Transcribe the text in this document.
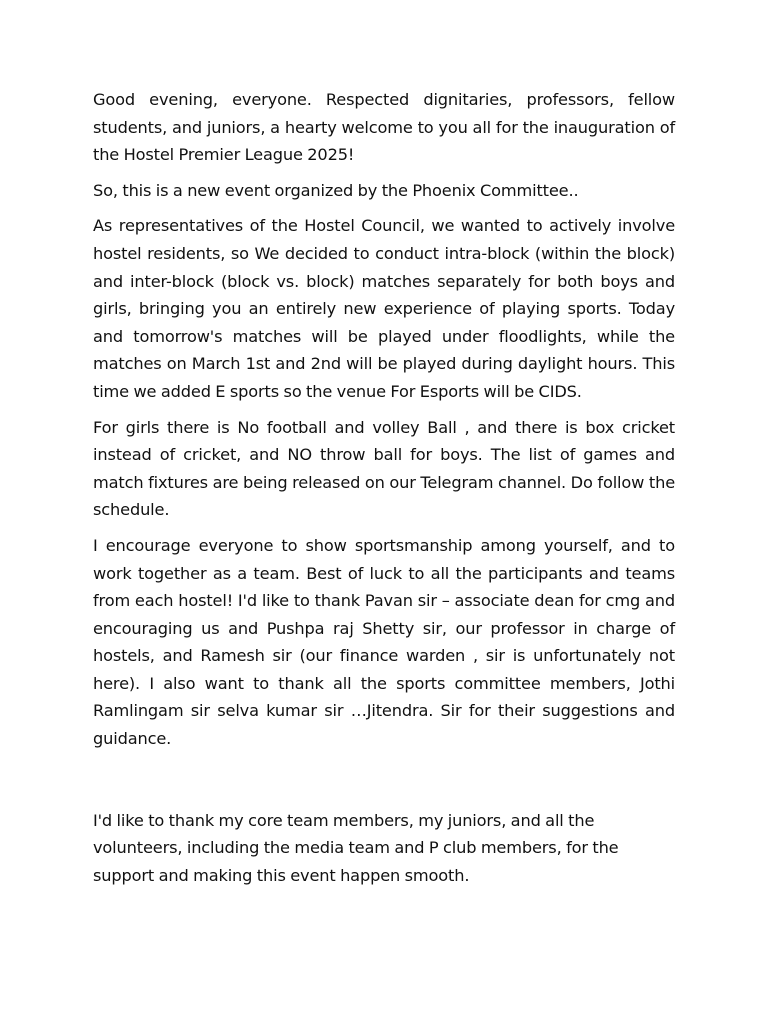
Good evening, everyone. Respected dignitaries, professors, fellow students, and juniors, a hearty welcome to you all for the inauguration of the Hostel Premier League 2025!

So, this is a new event organized by the Phoenix Committee..

As representatives of the Hostel Council, we wanted to actively involve hostel residents, so We decided to conduct intra-block (within the block) and inter-block (block vs. block) matches separately for both boys and girls, bringing you an entirely new experience of playing sports. Today and tomorrow's matches will be played under floodlights, while the matches on March 1st and 2nd will be played during daylight hours. This time we added E sports so the venue For Esports will be CIDS.

For girls there is No football and volley Ball , and there is box cricket instead of cricket, and NO throw ball for boys. The list of games and match fixtures are being released on our Telegram channel. Do follow the schedule.

I encourage everyone to show sportsmanship among yourself, and to work together as a team. Best of luck to all the participants and teams from each hostel! I'd like to thank Pavan sir – associate dean for cmg and encouraging us and Pushpa raj Shetty sir, our professor in charge of hostels, and Ramesh sir (our finance warden , sir is unfortunately not here). I also want to thank all the sports committee members, Jothi Ramlingam sir selva kumar sir …Jitendra. Sir for their suggestions and guidance.

I'd like to thank my core team members, my juniors, and all the volunteers, including the media team and P club members, for the support and making this event happen smooth.
